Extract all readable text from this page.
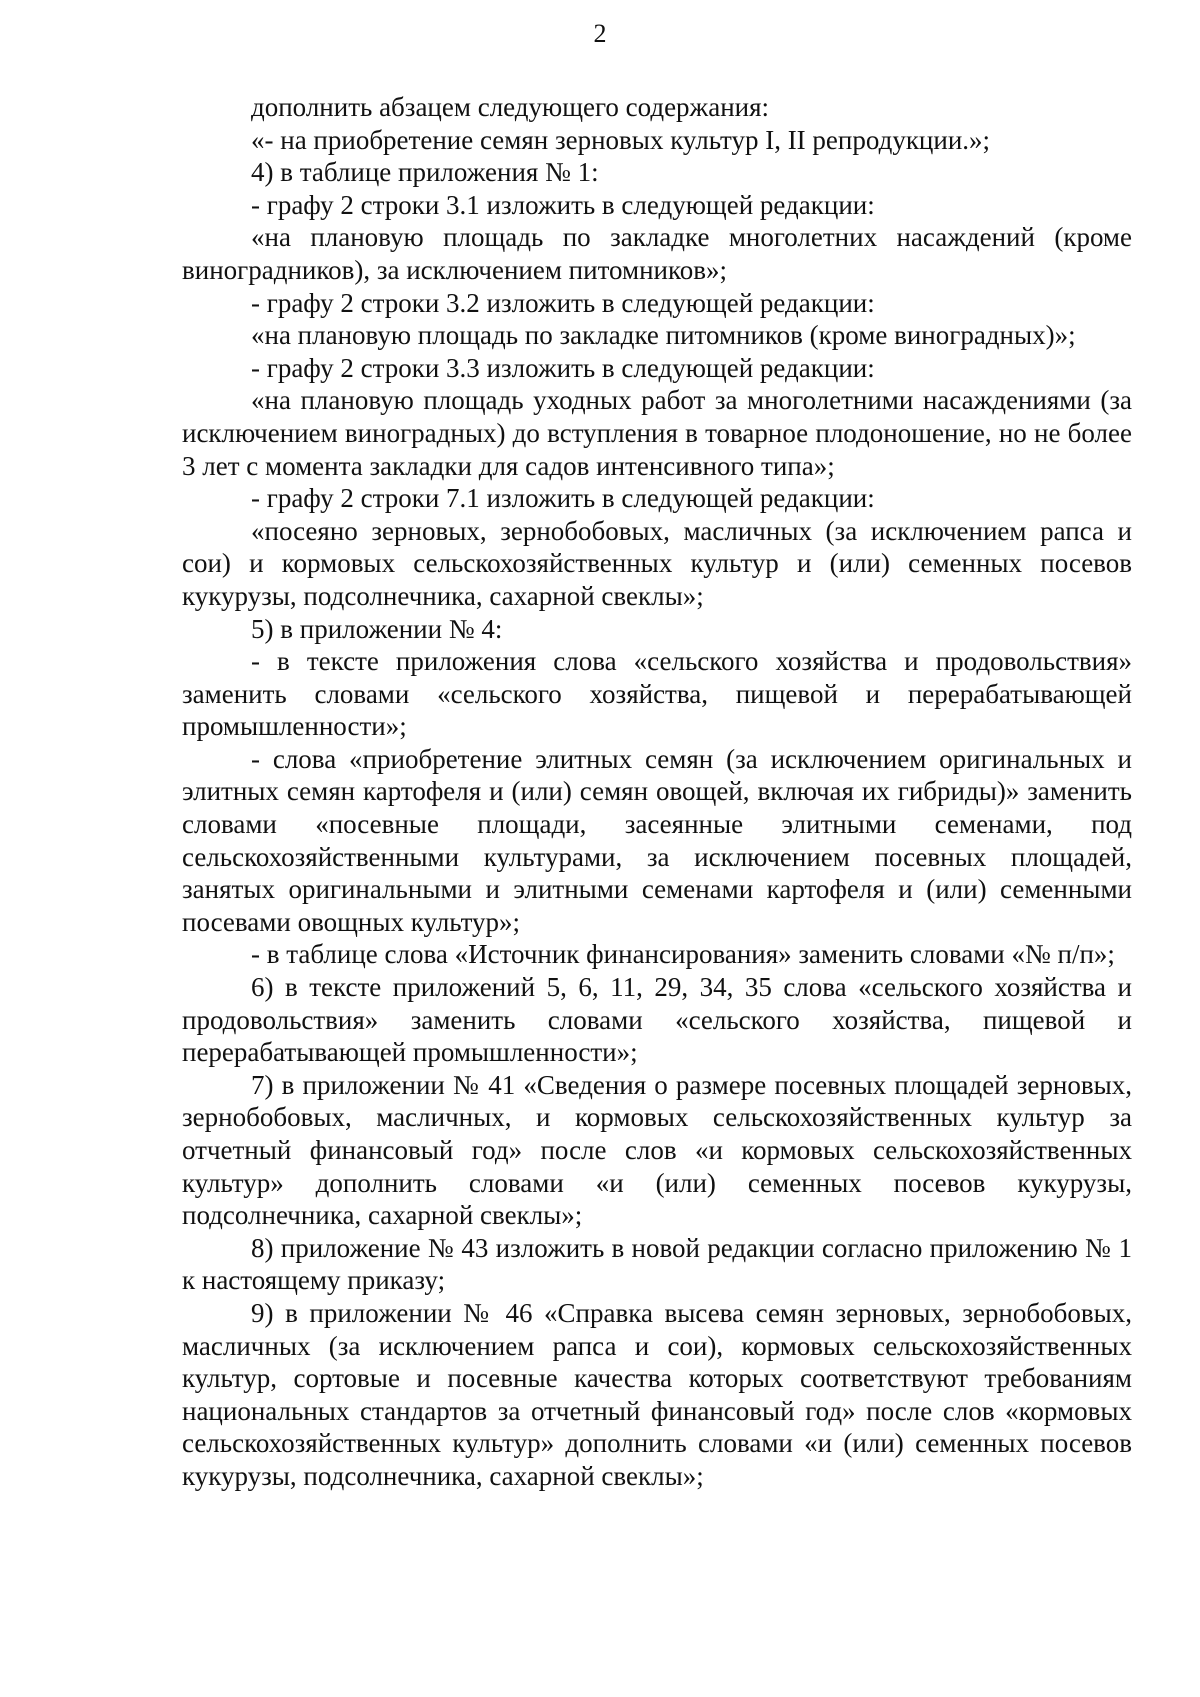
2

дополнить абзацем следующего содержания:

«- на приобретение семян зерновых культур I, II репродукции.»;

4) в таблице приложения № 1:

- графу 2 строки 3.1 изложить в следующей редакции:

«на плановую площадь по закладке многолетних насаждений (кроме виноградников), за исключением питомников»;

- графу 2 строки 3.2 изложить в следующей редакции:

«на плановую площадь по закладке питомников (кроме виноградных)»;

- графу 2 строки 3.3 изложить в следующей редакции:

«на плановую площадь уходных работ за многолетними насаждениями (за исключением виноградных) до вступления в товарное плодоношение, но не более 3 лет с момента закладки для садов интенсивного типа»;

- графу 2 строки 7.1 изложить в следующей редакции:

«посеяно зерновых, зернобобовых, масличных (за исключением рапса и сои) и кормовых сельскохозяйственных культур и (или) семенных посевов кукурузы, подсолнечника, сахарной свеклы»;

5) в приложении № 4:

- в тексте приложения слова «сельского хозяйства и продовольствия» заменить словами «сельского хозяйства, пищевой и перерабатывающей промышленности»;

- слова «приобретение элитных семян (за исключением оригинальных и элитных семян картофеля и (или) семян овощей, включая их гибриды)» заменить словами «посевные площади, засеянные элитными семенами, под сельскохозяйственными культурами, за исключением посевных площадей, занятых оригинальными и элитными семенами картофеля и (или) семенными посевами овощных культур»;

- в таблице слова «Источник финансирования» заменить словами «№ п/п»;

6) в тексте приложений 5, 6, 11, 29, 34, 35 слова «сельского хозяйства и продовольствия» заменить словами «сельского хозяйства, пищевой и перерабатывающей промышленности»;

7) в приложении № 41 «Сведения о размере посевных площадей зерновых, зернобобовых, масличных, и кормовых сельскохозяйственных культур за отчетный финансовый год» после слов «и кормовых сельскохозяйственных культур» дополнить словами «и (или) семенных посевов кукурузы, подсолнечника, сахарной свеклы»;

8) приложение № 43 изложить в новой редакции согласно приложению № 1 к настоящему приказу;

9) в приложении № 46 «Справка высева семян зерновых, зернобобовых, масличных (за исключением рапса и сои), кормовых сельскохозяйственных культур, сортовые и посевные качества которых соответствуют требованиям национальных стандартов за отчетный финансовый год» после слов «кормовых сельскохозяйственных культур» дополнить словами «и (или) семенных посевов кукурузы, подсолнечника, сахарной свеклы»;
